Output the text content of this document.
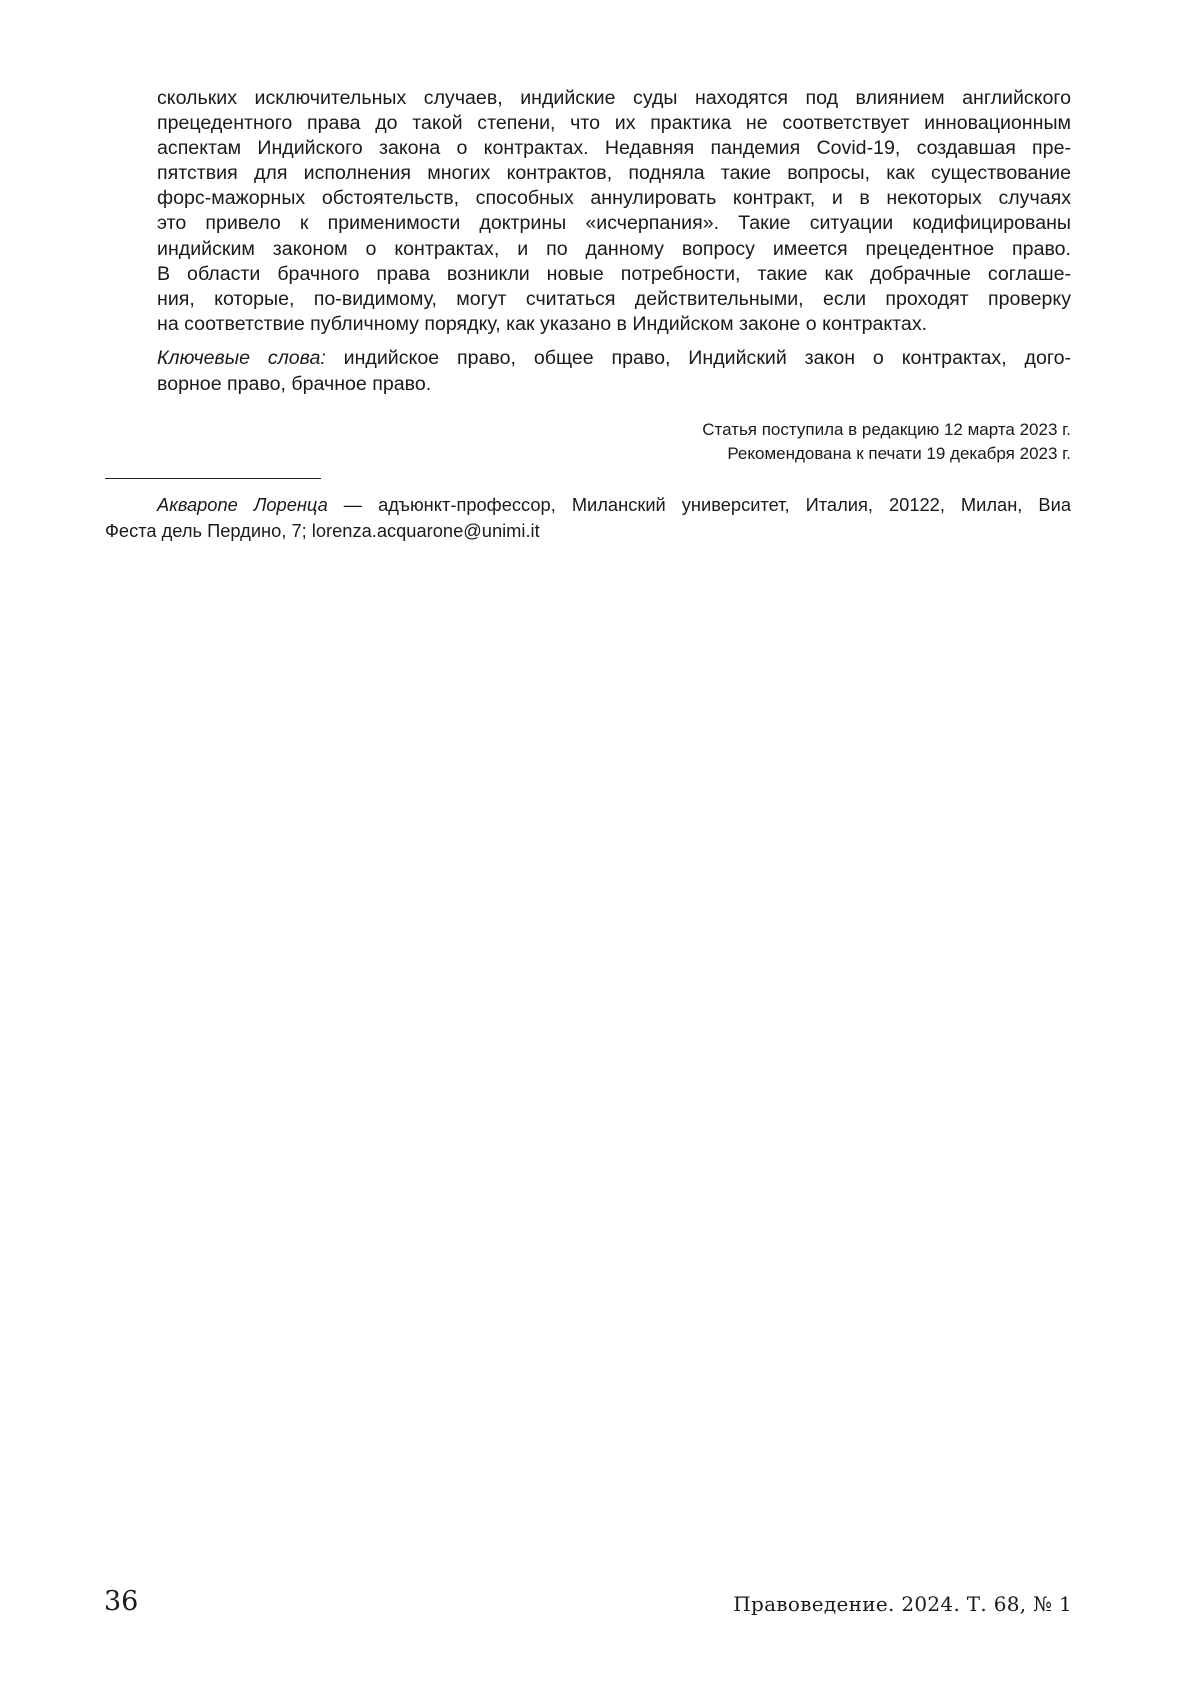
скольких исключительных случаев, индийские суды находятся под влиянием английского
прецедентного права до такой степени, что их практика не соответствует инновационным
аспектам Индийского закона о контрактах. Недавняя пандемия Covid-19, создавшая пре-
пятствия для исполнения многих контрактов, подняла такие вопросы, как существование
форс-мажорных обстоятельств, способных аннулировать контракт, и в некоторых случаях
это привело к применимости доктрины «исчерпания». Такие ситуации кодифицированы
индийским законом о контрактах, и по данному вопросу имеется прецедентное право.
В области брачного права возникли новые потребности, такие как добрачные соглаше-
ния, которые, по-видимому, могут считаться действительными, если проходят проверку
на соответствие публичному порядку, как указано в Индийском законе о контрактах.
Ключевые слова: индийское право, общее право, Индийский закон о контрактах, дого-
ворное право, брачное право.
Статья поступила в редакцию 12 марта 2023 г.
Рекомендована к печати 19 декабря 2023 г.
Акварone Лоренца — адъюнкт-профессор, Миланский университет, Италия, 20122, Милан, Виа
Феста дель Пердино, 7; lorenza.acquarone@unimi.it
36	Правоведение. 2024. Т. 68, № 1
